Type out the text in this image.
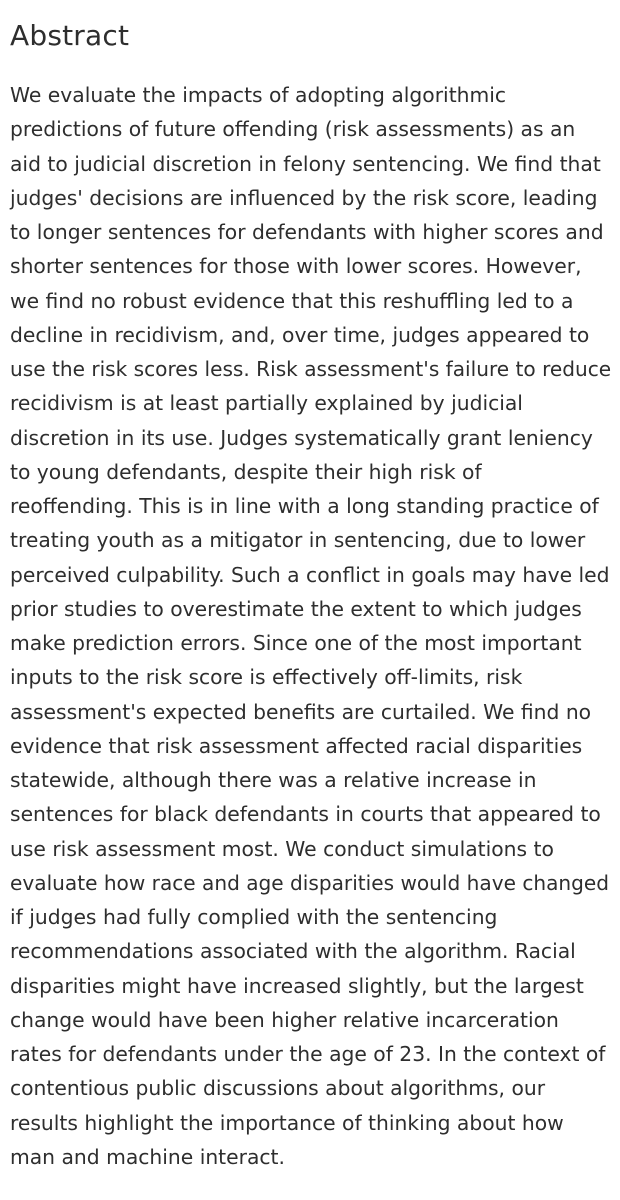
Abstract
We evaluate the impacts of adopting algorithmic
predictions of future offending (risk assessments) as an
aid to judicial discretion in felony sentencing. We find that
judges' decisions are influenced by the risk score, leading
to longer sentences for defendants with higher scores and
shorter sentences for those with lower scores. However,
we find no robust evidence that this reshuffling led to a
decline in recidivism, and, over time, judges appeared to
use the risk scores less. Risk assessment's failure to reduce
recidivism is at least partially explained by judicial
discretion in its use. Judges systematically grant leniency
to young defendants, despite their high risk of
reoffending. This is in line with a long standing practice of
treating youth as a mitigator in sentencing, due to lower
perceived culpability. Such a conflict in goals may have led
prior studies to overestimate the extent to which judges
make prediction errors. Since one of the most important
inputs to the risk score is effectively off-limits, risk
assessment's expected benefits are curtailed. We find no
evidence that risk assessment affected racial disparities
statewide, although there was a relative increase in
sentences for black defendants in courts that appeared to
use risk assessment most. We conduct simulations to
evaluate how race and age disparities would have changed
if judges had fully complied with the sentencing
recommendations associated with the algorithm. Racial
disparities might have increased slightly, but the largest
change would have been higher relative incarceration
rates for defendants under the age of 23. In the context of
contentious public discussions about algorithms, our
results highlight the importance of thinking about how
man and machine interact.
